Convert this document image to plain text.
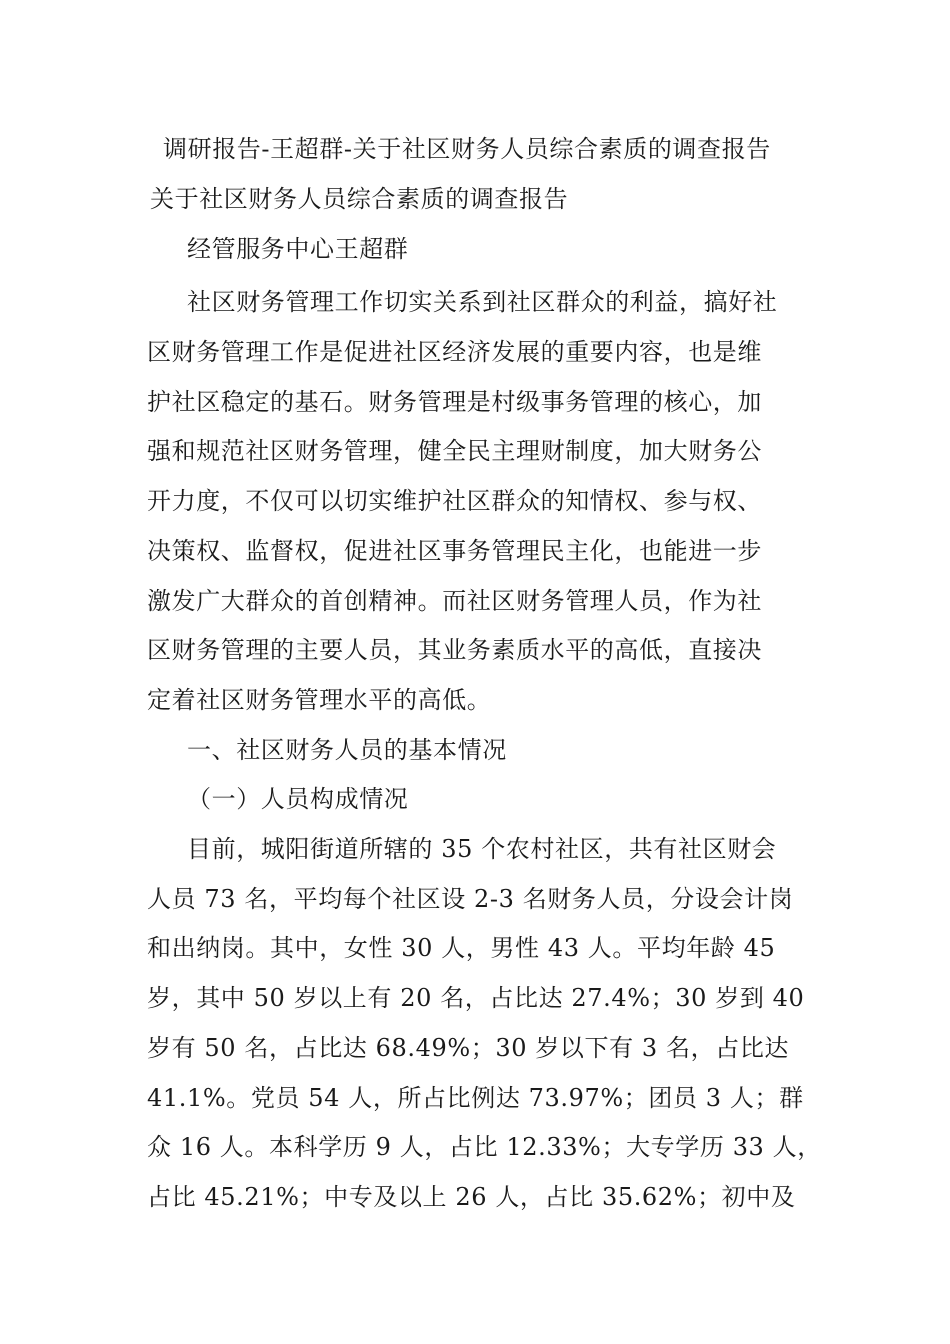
调研报告-王超群-关于社区财务人员综合素质的调查报告
关于社区财务人员综合素质的调查报告
经管服务中心王超群
社区财务管理工作切实关系到社区群众的利益，搞好社
区财务管理工作是促进社区经济发展的重要内容，也是维
护社区稳定的基石。财务管理是村级事务管理的核心，加
强和规范社区财务管理，健全民主理财制度，加大财务公
开力度，不仅可以切实维护社区群众的知情权、参与权、
决策权、监督权，促进社区事务管理民主化，也能进一步
激发广大群众的首创精神。而社区财务管理人员，作为社
区财务管理的主要人员，其业务素质水平的高低，直接决
定着社区财务管理水平的高低。
一、社区财务人员的基本情况
（一）人员构成情况
目前，城阳街道所辖的 35 个农村社区，共有社区财会
人员 73 名，平均每个社区设 2-3 名财务人员，分设会计岗
和出纳岗。其中，女性 30 人，男性 43 人。平均年龄 45
岁，其中 50 岁以上有 20 名，占比达 27.4%；30 岁到 40
岁有 50 名，占比达 68.49%；30 岁以下有 3 名，占比达
41.1%。党员 54 人，所占比例达 73.97%；团员 3 人；群
众 16 人。本科学历 9 人，占比 12.33%；大专学历 33 人，
占比 45.21%；中专及以上 26 人，占比 35.62%；初中及
